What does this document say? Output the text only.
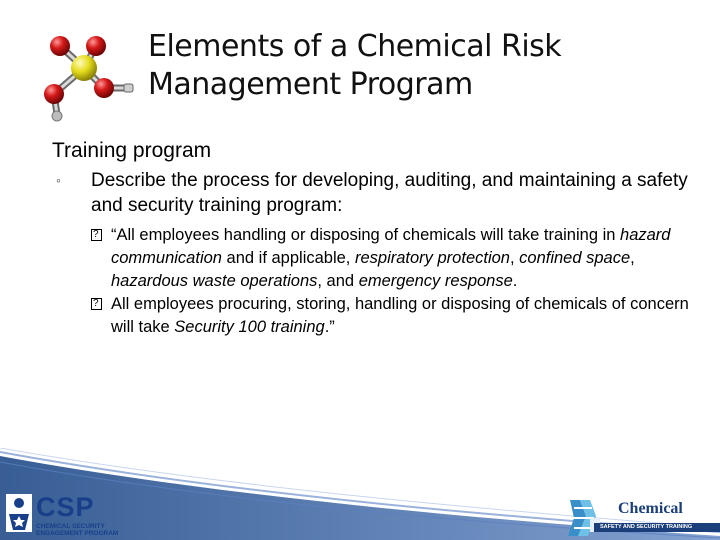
Elements of a Chemical Risk
Management Program
Training program
◦	Describe the process for developing, auditing, and maintaining a safety and security training program:
?
“All employees handling or disposing of chemicals will take training in hazard communication and if applicable, respiratory protection, confined space, hazardous waste operations, and emergency response.
?
All employees procuring, storing, handling or disposing of chemicals of concern will take Security 100 training.”
CSP
CHEMICAL SECURITY
ENGAGEMENT PROGRAM
Chemical
SAFETY AND SECURITY TRAINING
